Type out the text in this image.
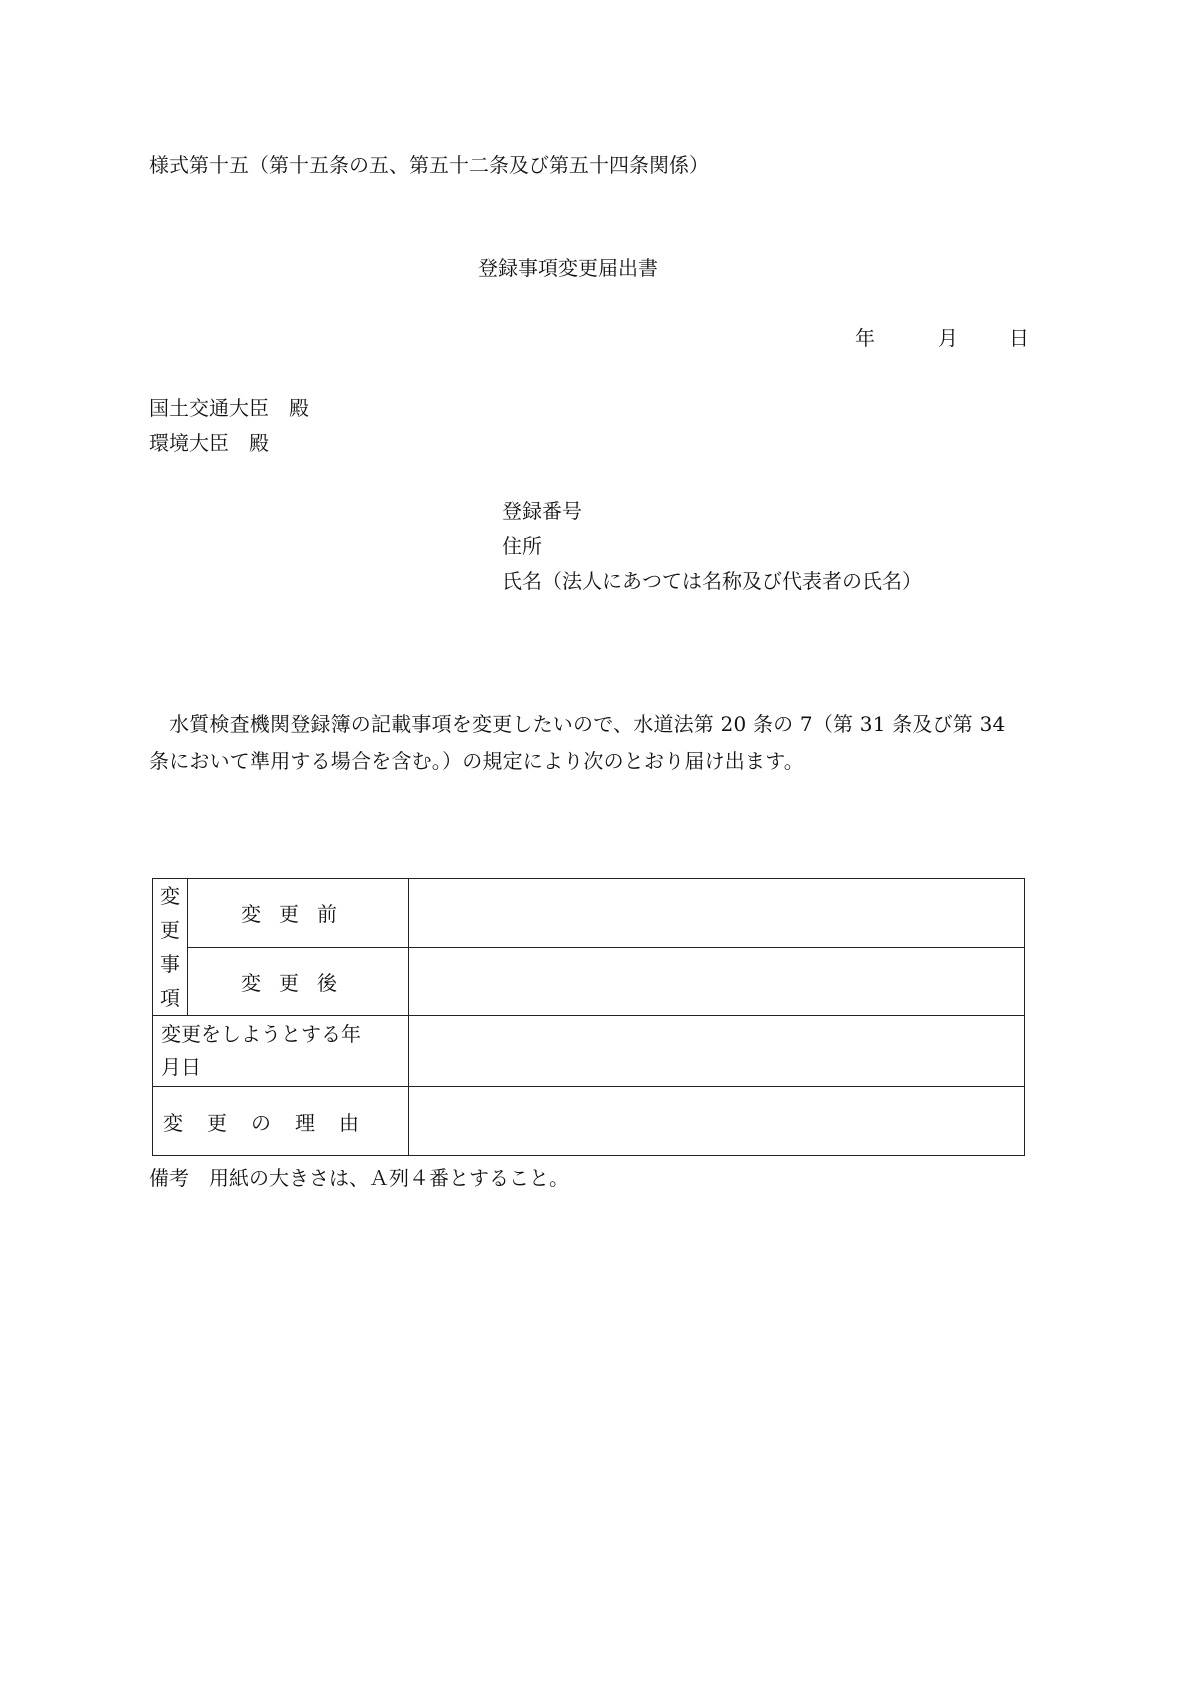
様式第十五（第十五条の五、第五十二条及び第五十四条関係）
登録事項変更届出書
年	月	日
国土交通大臣　殿
環境大臣　殿
登録番号
住所
氏名（法人にあつては名称及び代表者の氏名）
水質検査機関登録簿の記載事項を変更したいので、水道法第 20 条の 7（第 31 条及び第 34 条において準用する場合を含む。）の規定により次のとおり届け出ます。
変更事項	変更前	
	変更後	

変更をしようとする年月日		

変更の理由		
備考　用紙の大きさは、Ａ列４番とすること。
